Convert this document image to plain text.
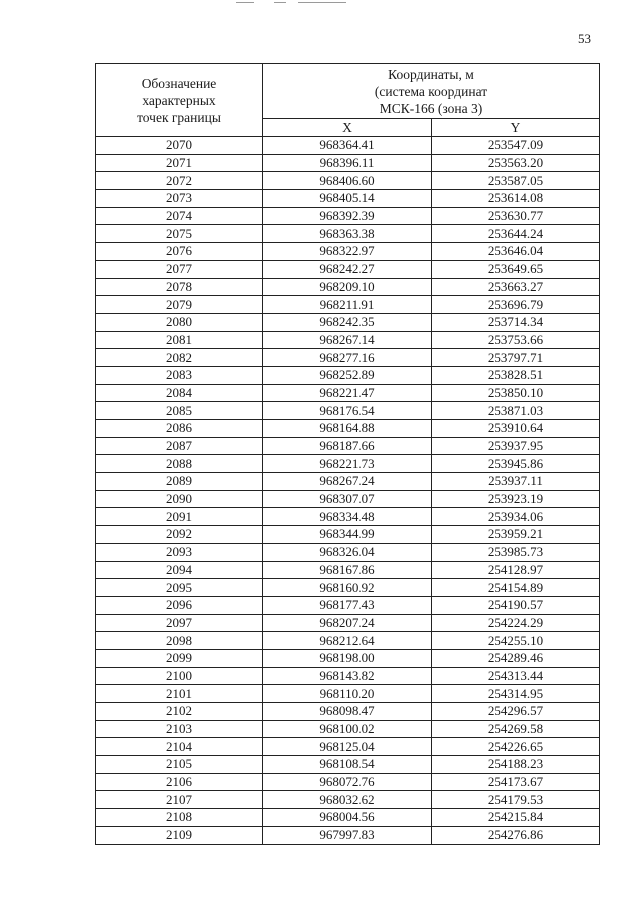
53
Обозначение
характерных
точек границы	Координаты, м
(система координат
МСК-166 (зона 3)	

	X	Y
2070	968364.41	253547.09
2071	968396.11	253563.20
2072	968406.60	253587.05
2073	968405.14	253614.08
2074	968392.39	253630.77
2075	968363.38	253644.24
2076	968322.97	253646.04
2077	968242.27	253649.65
2078	968209.10	253663.27
2079	968211.91	253696.79
2080	968242.35	253714.34
2081	968267.14	253753.66
2082	968277.16	253797.71
2083	968252.89	253828.51
2084	968221.47	253850.10
2085	968176.54	253871.03
2086	968164.88	253910.64
2087	968187.66	253937.95
2088	968221.73	253945.86
2089	968267.24	253937.11
2090	968307.07	253923.19
2091	968334.48	253934.06
2092	968344.99	253959.21
2093	968326.04	253985.73
2094	968167.86	254128.97
2095	968160.92	254154.89
2096	968177.43	254190.57
2097	968207.24	254224.29
2098	968212.64	254255.10
2099	968198.00	254289.46
2100	968143.82	254313.44
2101	968110.20	254314.95
2102	968098.47	254296.57
2103	968100.02	254269.58
2104	968125.04	254226.65
2105	968108.54	254188.23
2106	968072.76	254173.67
2107	968032.62	254179.53
2108	968004.56	254215.84
2109	967997.83	254276.86
